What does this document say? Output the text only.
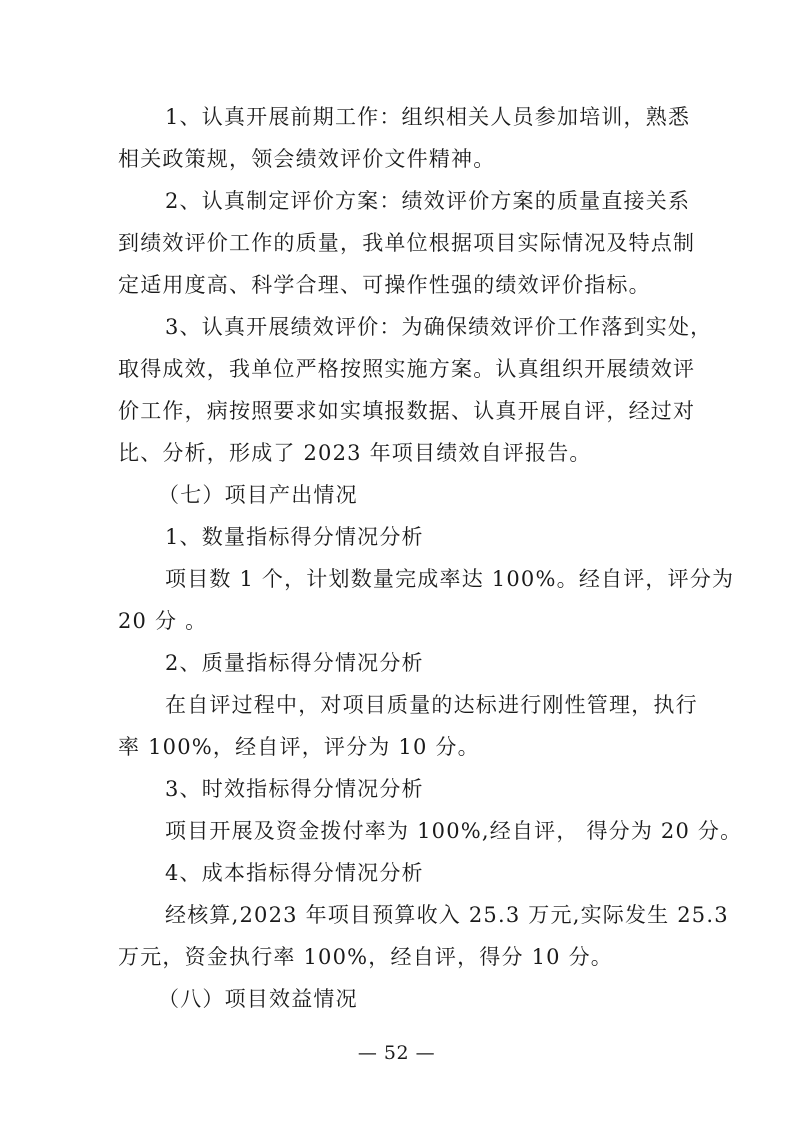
1、认真开展前期工作：组织相关人员参加培训，熟悉
相关政策规，领会绩效评价文件精神。
2、认真制定评价方案：绩效评价方案的质量直接关系
到绩效评价工作的质量，我单位根据项目实际情况及特点制
定适用度高、科学合理、可操作性强的绩效评价指标。
3、认真开展绩效评价：为确保绩效评价工作落到实处，
取得成效，我单位严格按照实施方案。认真组织开展绩效评
价工作，病按照要求如实填报数据、认真开展自评，经过对
比、分析，形成了 2023 年项目绩效自评报告。
（七）项目产出情况
1、数量指标得分情况分析
项目数 1 个，计划数量完成率达 100%。经自评，评分为
20 分 。
2、质量指标得分情况分析
在自评过程中，对项目质量的达标进行刚性管理，执行
率 100%，经自评，评分为 10 分。
3、时效指标得分情况分析
项目开展及资金拨付率为 100%,经自评， 得分为 20 分。
4、成本指标得分情况分析
经核算,2023 年项目预算收入 25.3 万元,实际发生 25.3
万元，资金执行率 100%，经自评，得分 10 分。
（八）项目效益情况
— 52 —
